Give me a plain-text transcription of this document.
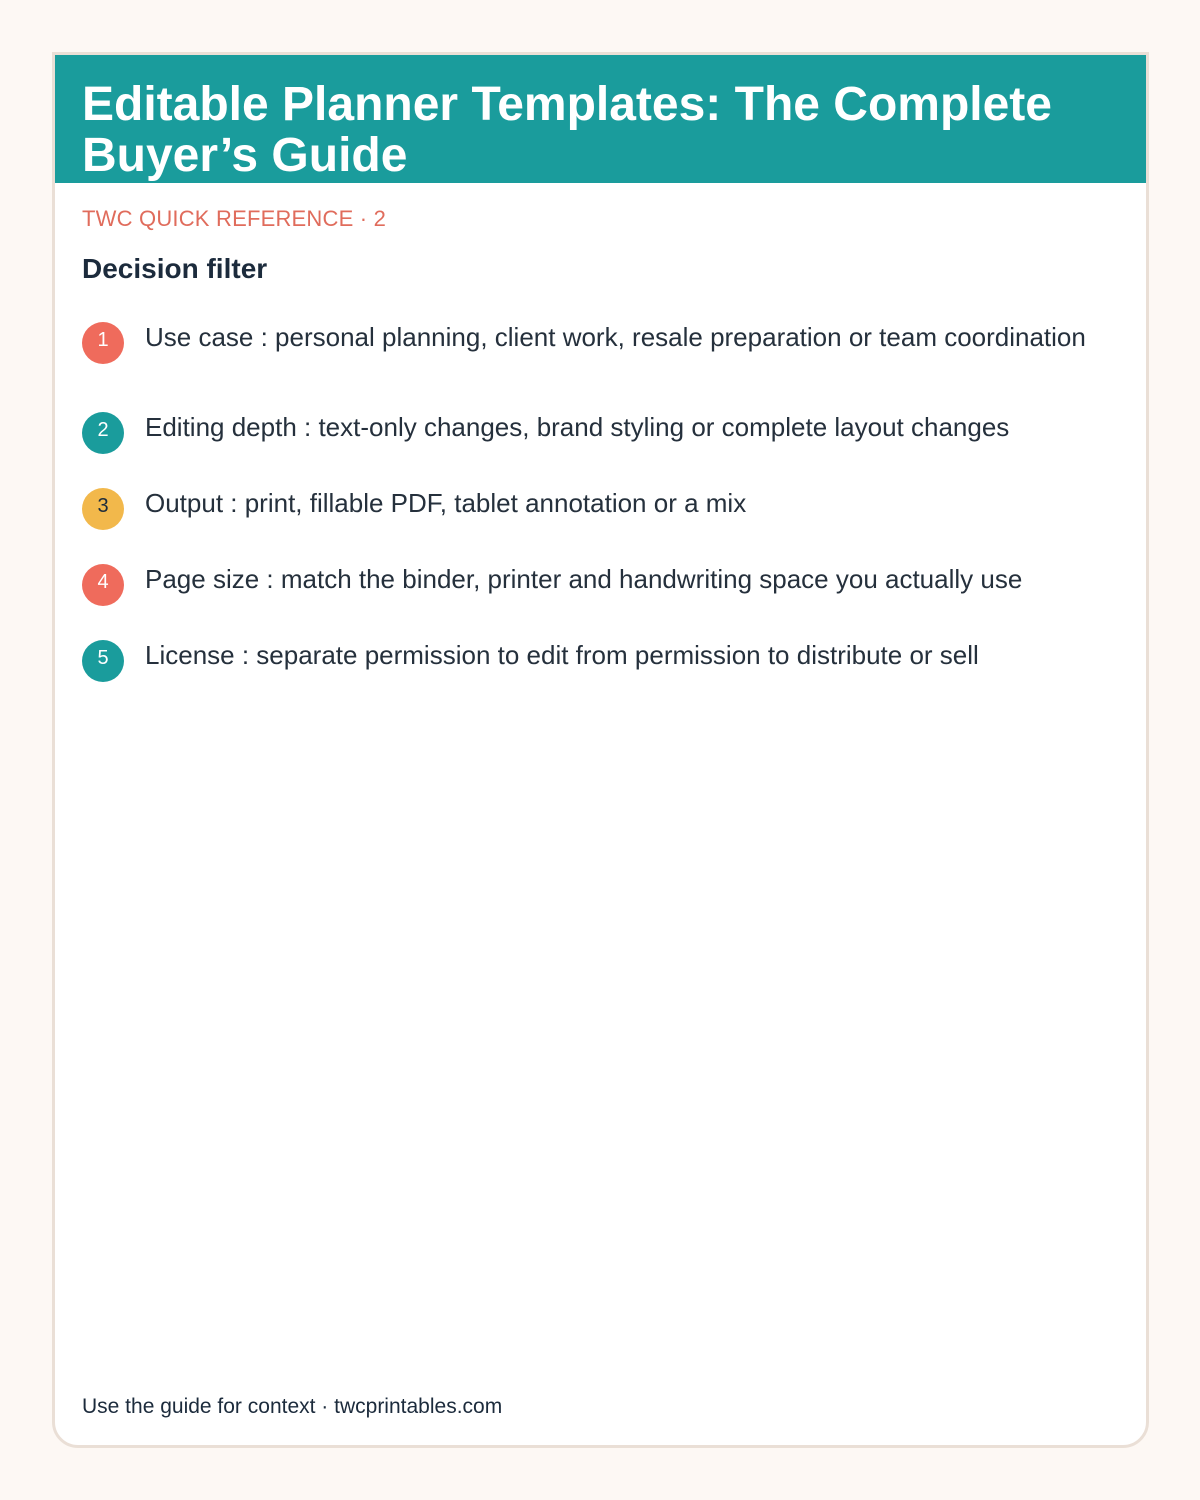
Editable Planner Templates: The Complete Buyer’s Guide
TWC QUICK REFERENCE · 2
Decision filter
1	Use case : personal planning, client work, resale preparation or team coordination
2	Editing depth : text-only changes, brand styling or complete layout changes
3	Output : print, fillable PDF, tablet annotation or a mix
4	Page size : match the binder, printer and handwriting space you actually use
5	License : separate permission to edit from permission to distribute or sell
Use the guide for context · twcprintables.com
